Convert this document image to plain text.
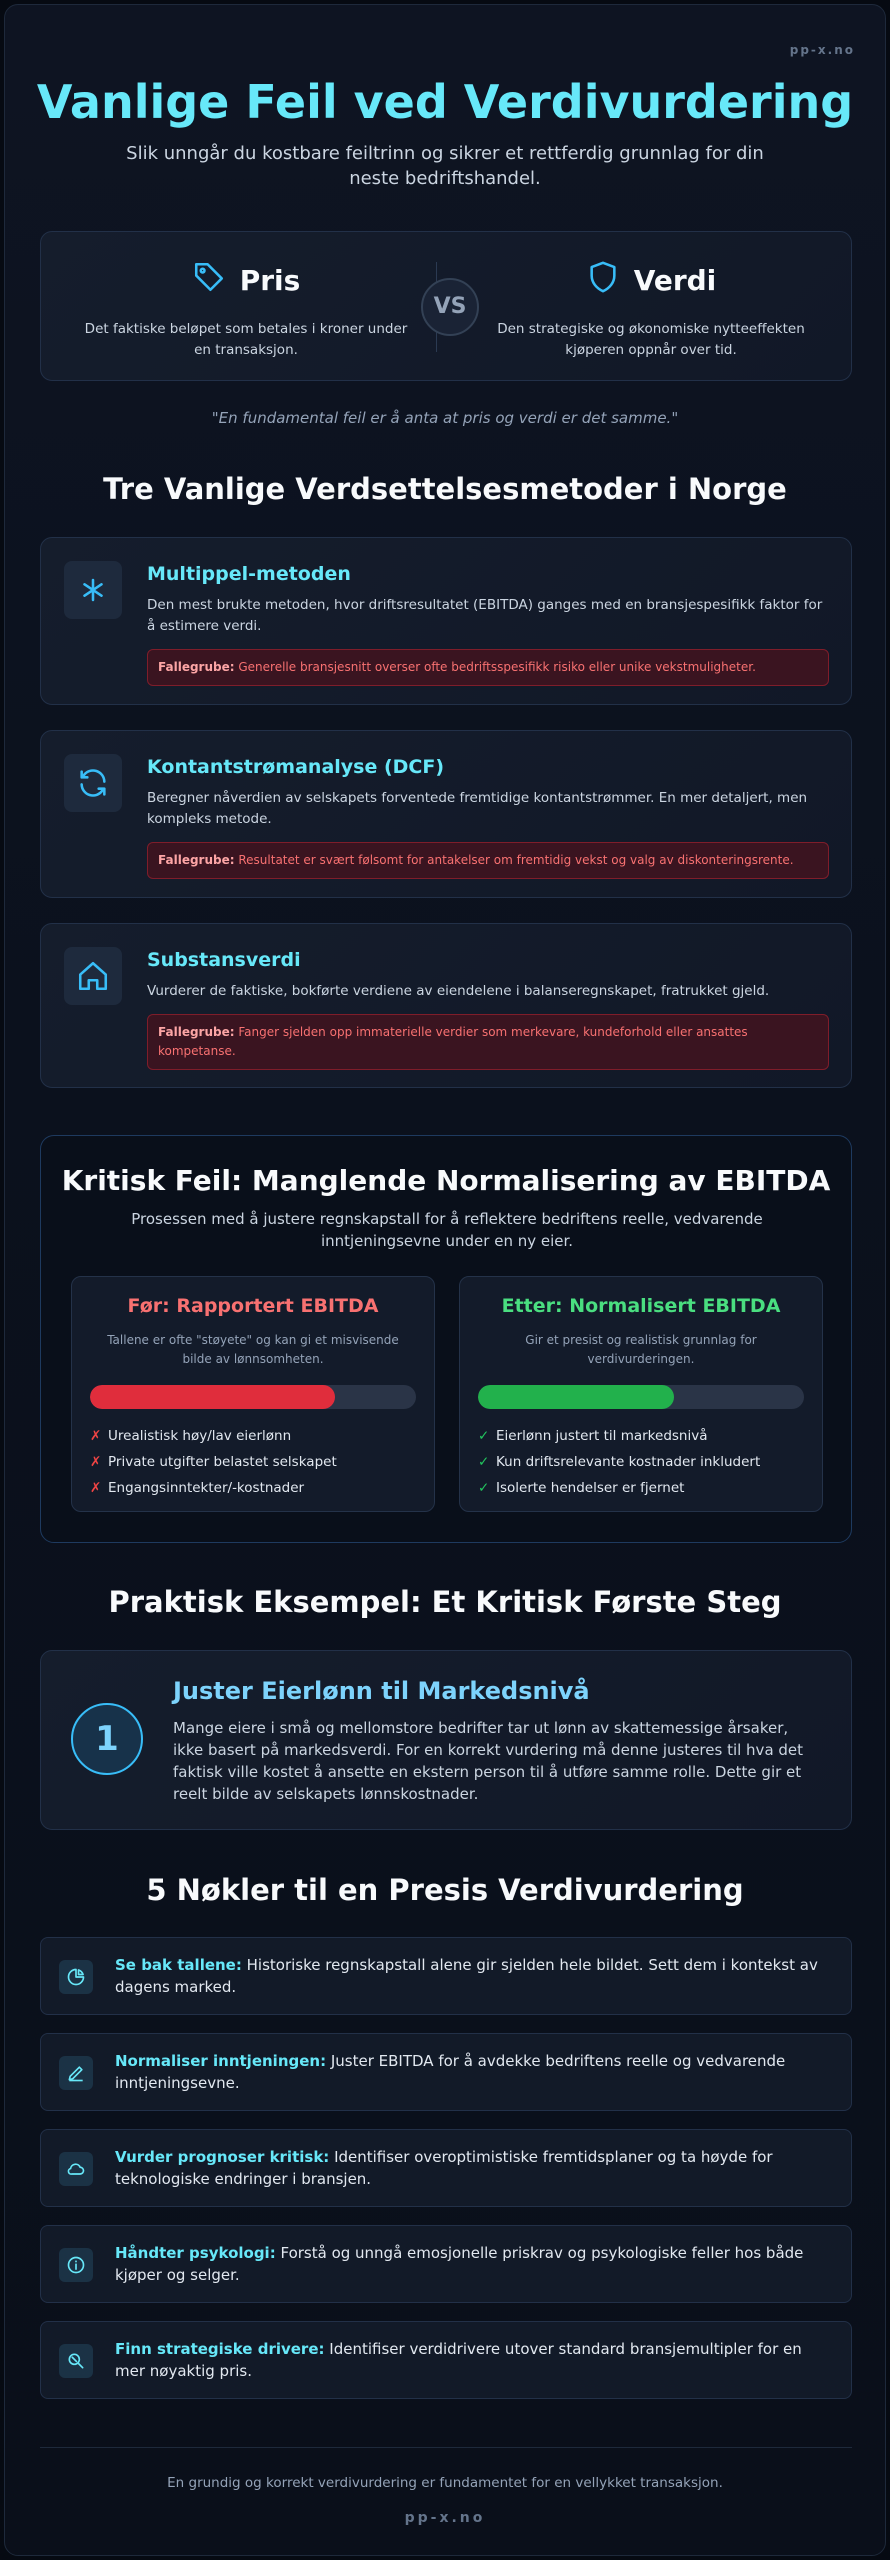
pp-x.no
Vanlige Feil ved Verdivurdering
Slik unngår du kostbare feiltrinn og sikrer et rettferdig grunnlag for din neste bedriftshandel.
Pris
Det faktiske beløpet som betales i kroner under en transaksjon.
VS
Verdi
Den strategiske og økonomiske nytteeffekten kjøperen oppnår over tid.
"En fundamental feil er å anta at pris og verdi er det samme."
Tre Vanlige Verdsettelsesmetoder i Norge
Multippel-metoden
Den mest brukte metoden, hvor driftsresultatet (EBITDA) ganges med en bransjespesifikk faktor for å estimere verdi.
Fallegrube: Generelle bransjesnitt overser ofte bedriftsspesifikk risiko eller unike vekstmuligheter.
Kontantstrømanalyse (DCF)
Beregner nåverdien av selskapets forventede fremtidige kontantstrømmer. En mer detaljert, men kompleks metode.
Fallegrube: Resultatet er svært følsomt for antakelser om fremtidig vekst og valg av diskonteringsrente.
Substansverdi
Vurderer de faktiske, bokførte verdiene av eiendelene i balanseregnskapet, fratrukket gjeld.
Fallegrube: Fanger sjelden opp immaterielle verdier som merkevare, kundeforhold eller ansattes kompetanse.
Kritisk Feil: Manglende Normalisering av EBITDA
Prosessen med å justere regnskapstall for å reflektere bedriftens reelle, vedvarende inntjeningsevne under en ny eier.
Før: Rapportert EBITDA
Tallene er ofte "støyete" og kan gi et misvisende bilde av lønnsomheten.
✗ Urealistisk høy/lav eierlønn
✗ Private utgifter belastet selskapet
✗ Engangsinntekter/-kostnader
Etter: Normalisert EBITDA
Gir et presist og realistisk grunnlag for verdivurderingen.
✓ Eierlønn justert til markedsnivå
✓ Kun driftsrelevante kostnader inkludert
✓ Isolerte hendelser er fjernet
Praktisk Eksempel: Et Kritisk Første Steg
1
Juster Eierlønn til Markedsnivå
Mange eiere i små og mellomstore bedrifter tar ut lønn av skattemessige årsaker, ikke basert på markedsverdi. For en korrekt vurdering må denne justeres til hva det faktisk ville kostet å ansette en ekstern person til å utføre samme rolle. Dette gir et reelt bilde av selskapets lønnskostnader.
5 Nøkler til en Presis Verdivurdering
Se bak tallene: Historiske regnskapstall alene gir sjelden hele bildet. Sett dem i kontekst av dagens marked.
Normaliser inntjeningen: Juster EBITDA for å avdekke bedriftens reelle og vedvarende inntjeningsevne.
Vurder prognoser kritisk: Identifiser overoptimistiske fremtidsplaner og ta høyde for teknologiske endringer i bransjen.
Håndter psykologi: Forstå og unngå emosjonelle priskrav og psykologiske feller hos både kjøper og selger.
Finn strategiske drivere: Identifiser verdidrivere utover standard bransjemultipler for en mer nøyaktig pris.
En grundig og korrekt verdivurdering er fundamentet for en vellykket transaksjon.
pp-x.no
